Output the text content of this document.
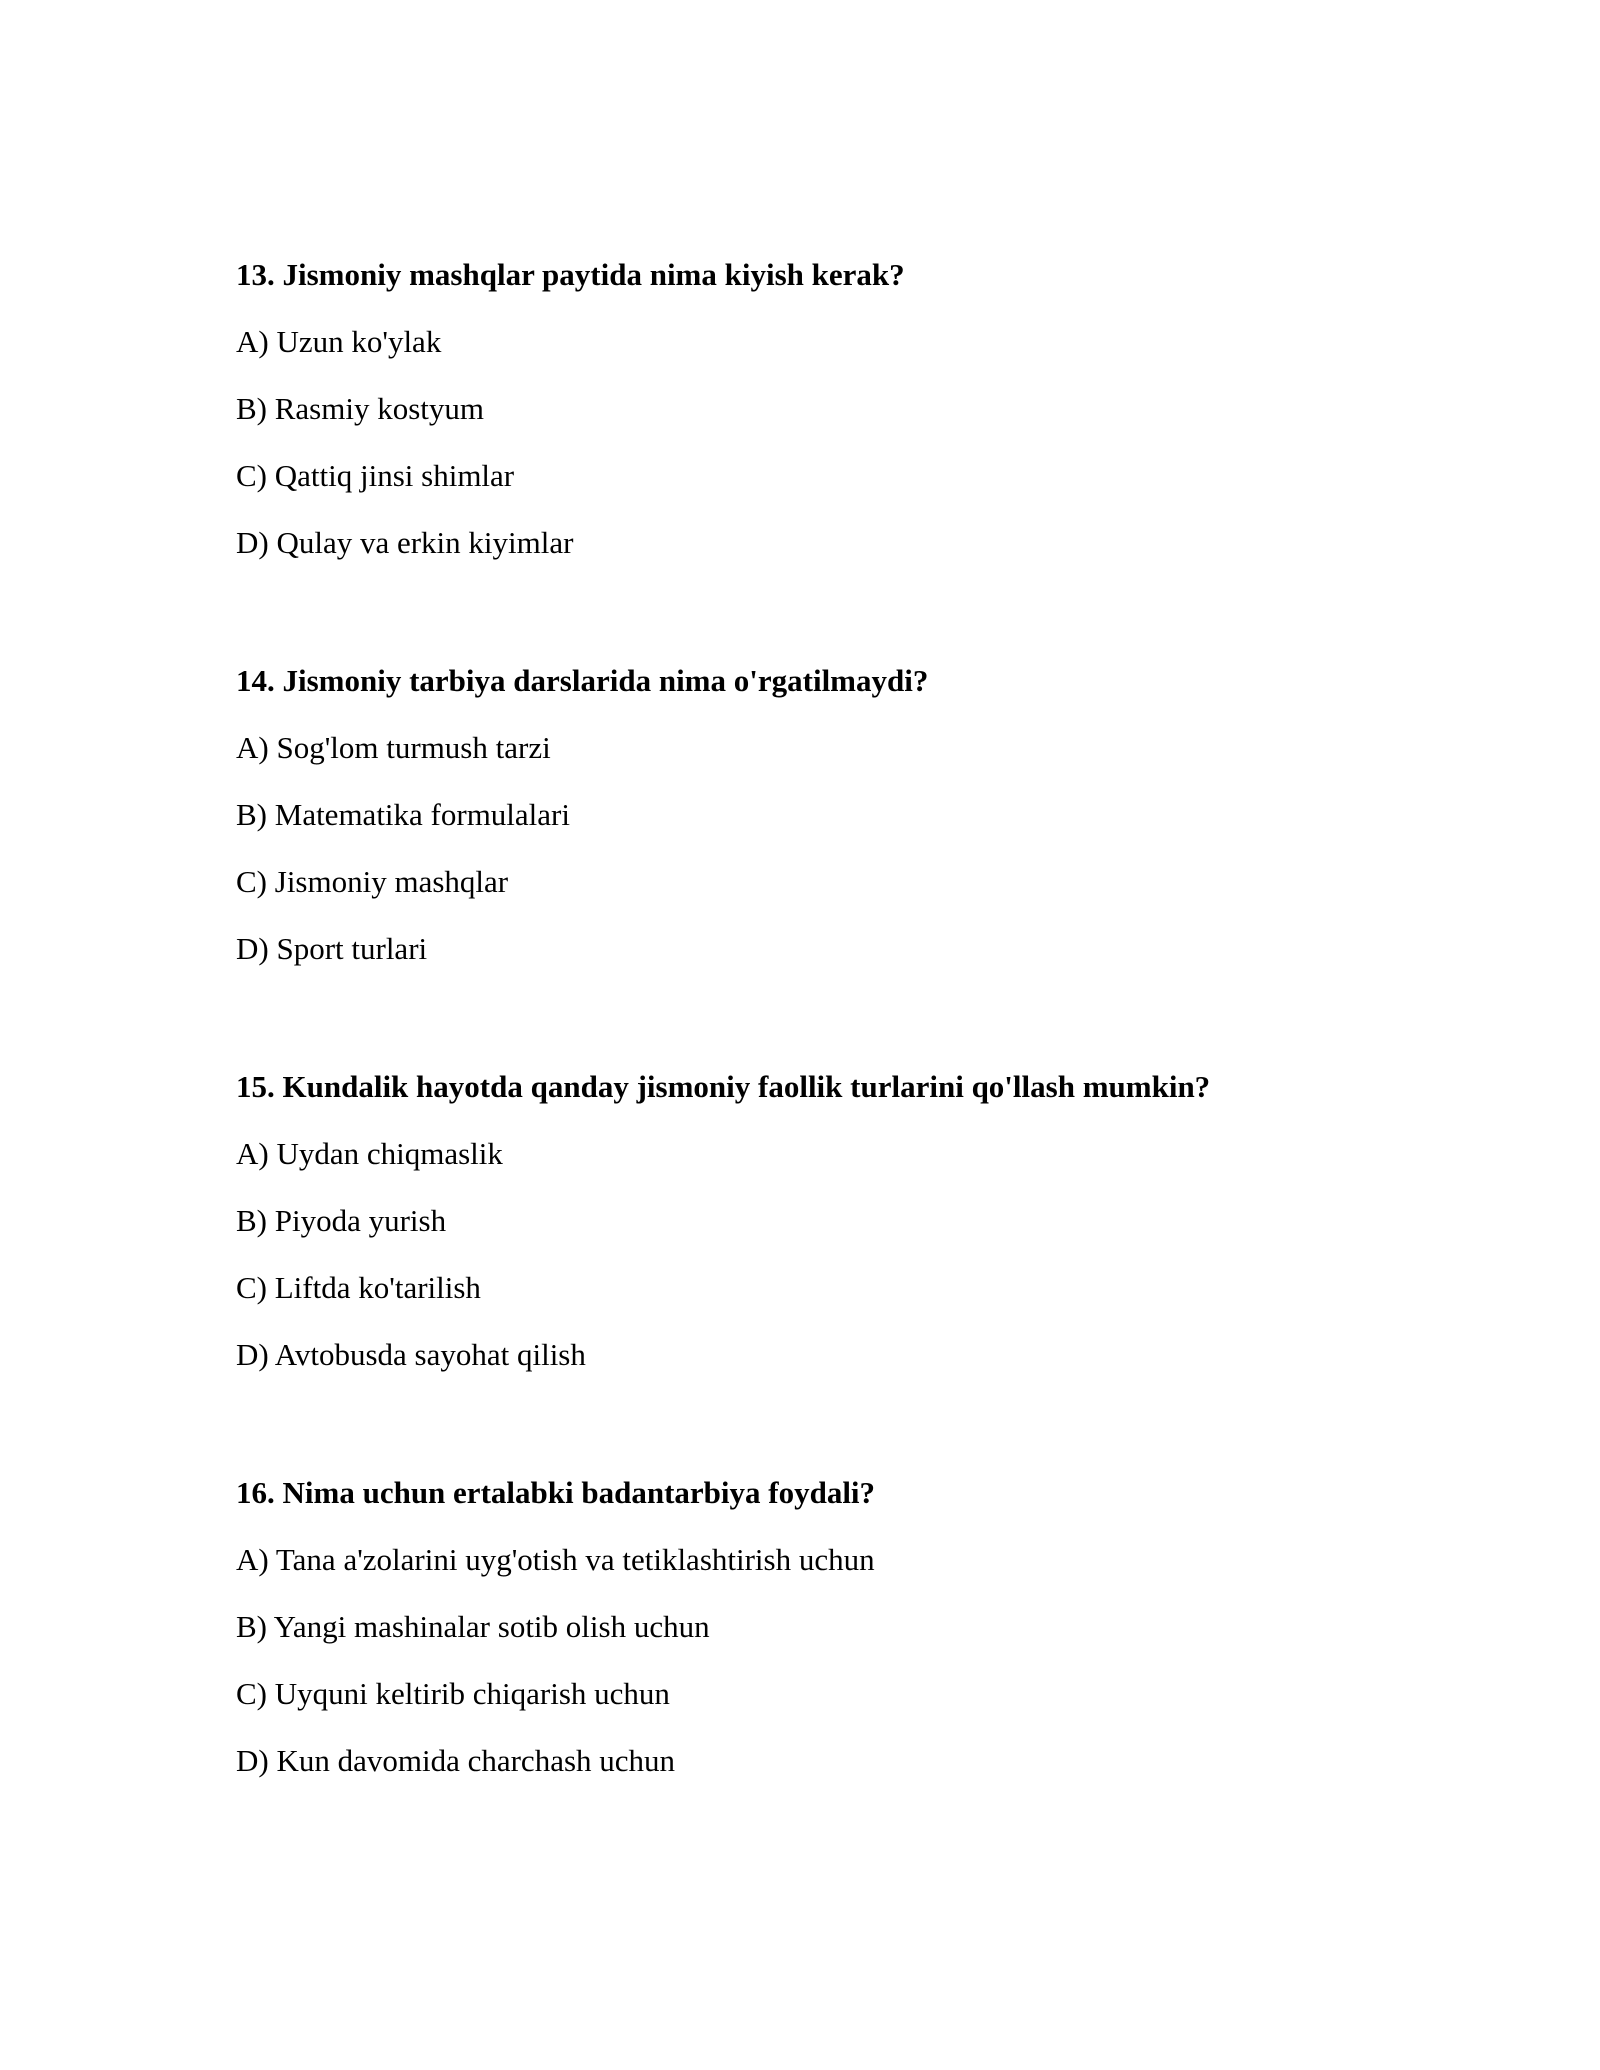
13. Jismoniy mashqlar paytida nima kiyish kerak?
A) Uzun ko'ylak
B) Rasmiy kostyum
C) Qattiq jinsi shimlar
D) Qulay va erkin kiyimlar
14. Jismoniy tarbiya darslarida nima o'rgatilmaydi?
A) Sog'lom turmush tarzi
B) Matematika formulalari
C) Jismoniy mashqlar
D) Sport turlari
15. Kundalik hayotda qanday jismoniy faollik turlarini qo'llash mumkin?
A) Uydan chiqmaslik
B) Piyoda yurish
C) Liftda ko'tarilish
D) Avtobusda sayohat qilish
16. Nima uchun ertalabki badantarbiya foydali?
A) Tana a'zolarini uyg'otish va tetiklashtirish uchun
B) Yangi mashinalar sotib olish uchun
C) Uyquni keltirib chiqarish uchun
D) Kun davomida charchash uchun
